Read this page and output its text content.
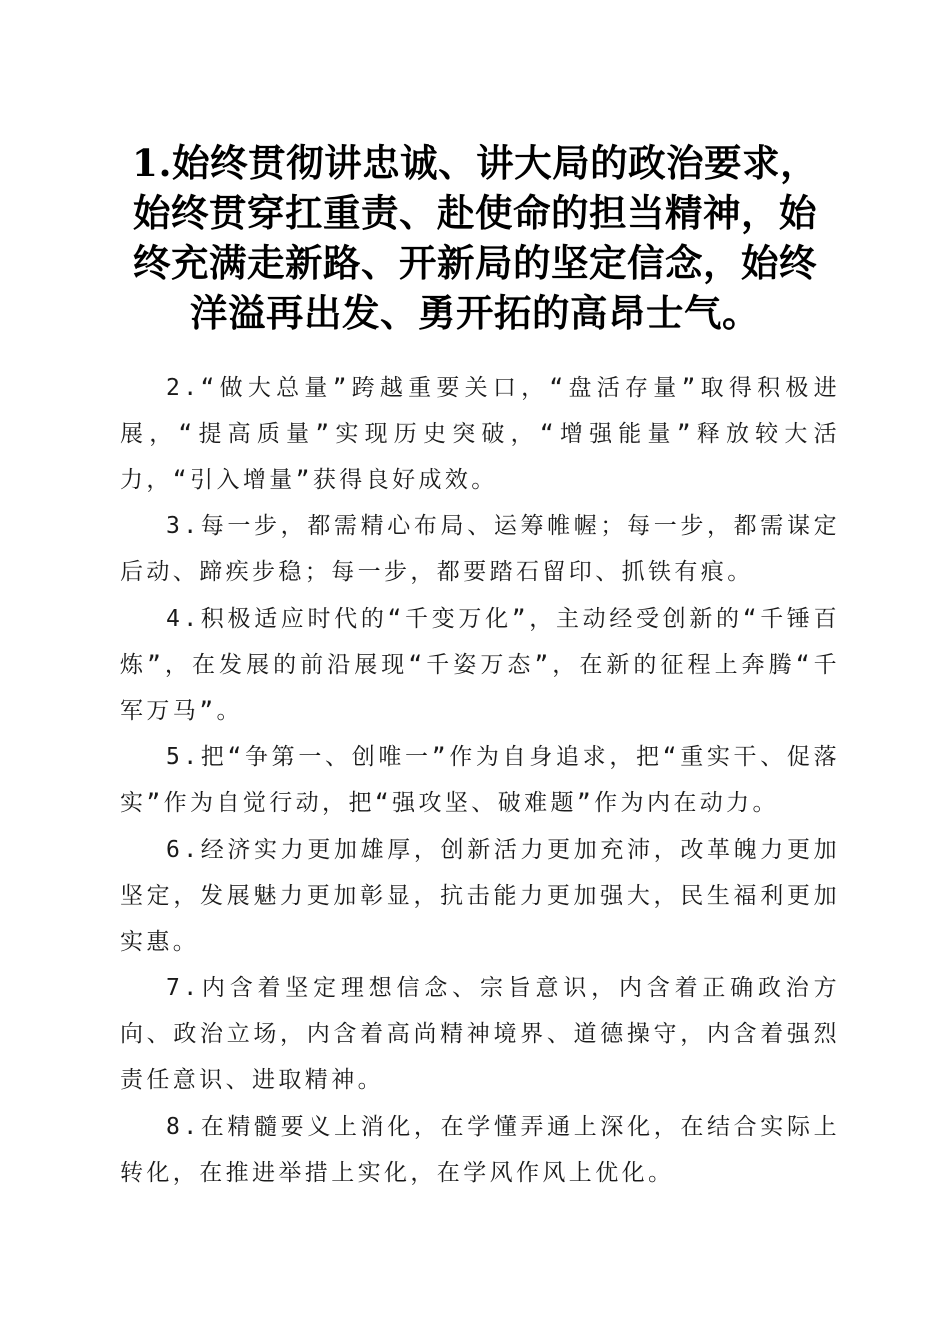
1.始终贯彻讲忠诚、讲大局的政治要求，始终贯穿扛重责、赴使命的担当精神，始终充满走新路、开新局的坚定信念，始终洋溢再出发、勇开拓的高昂士气。

2.“做大总量”跨越重要关口，“盘活存量”取得积极进展，“提高质量”实现历史突破，“增强能量”释放较大活力，“引入增量”获得良好成效。

3.每一步，都需精心布局、运筹帷幄；每一步，都需谋定后动、蹄疾步稳；每一步，都要踏石留印、抓铁有痕。

4.积极适应时代的“千变万化”，主动经受创新的“千锤百炼”，在发展的前沿展现“千姿万态”，在新的征程上奔腾“千军万马”。

5.把“争第一、创唯一”作为自身追求，把“重实干、促落实”作为自觉行动，把“强攻坚、破难题”作为内在动力。

6.经济实力更加雄厚，创新活力更加充沛，改革魄力更加坚定，发展魅力更加彰显，抗击能力更加强大，民生福利更加实惠。

7.内含着坚定理想信念、宗旨意识，内含着正确政治方向、政治立场，内含着高尚精神境界、道德操守，内含着强烈责任意识、进取精神。

8.在精髓要义上消化，在学懂弄通上深化，在结合实际上转化，在推进举措上实化，在学风作风上优化。
